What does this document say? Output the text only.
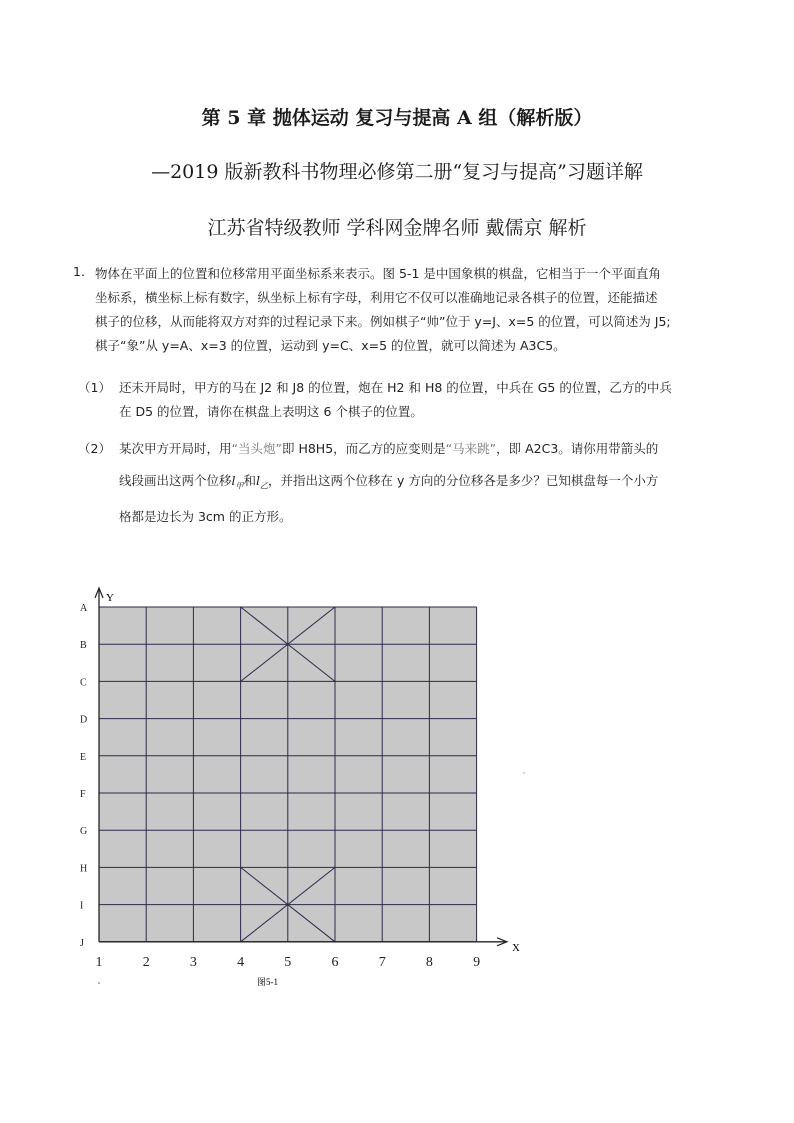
第 5 章 抛体运动 复习与提高 A 组（解析版）
—2019 版新教科书物理必修第二册“复习与提高”习题详解
江苏省特级教师 学科网金牌名师 戴儒京 解析
1. 物体在平面上的位置和位移常用平面坐标系来表示。图 5-1 是中国象棋的棋盘，它相当于一个平面直角
坐标系，横坐标上标有数字，纵坐标上标有字母，利用它不仅可以准确地记录各棋子的位置，还能描述
棋子的位移，从而能将双方对弈的过程记录下来。例如棋子“帅”位于 y=J、x=5 的位置，可以简述为 J5;
棋子“象”从 y=A、x=3 的位置，运动到 y=C、x=5 的位置，就可以简述为 A3C5。
（1） 还未开局时，甲方的马在 J2 和 J8 的位置，炮在 H2 和 H8 的位置，中兵在 G5 的位置，乙方的中兵
在 D5 的位置，请你在棋盘上表明这 6 个棋子的位置。
（2） 某次甲方开局时，用“当头炮”即 H8H5，而乙方的应变则是“马来跳”，即 A2C3。请你用带箭头的
线段画出这两个位移$l_甲$和$l_乙$，并指出这两个位移在 y 方向的分位移各是多少？已知棋盘每一个小方
格都是边长为 3cm 的正方形。
A
B
C
D
E
F
G
H
I
J
1	2	3	4	5	6	7	8	9
Y
X
图5-1
